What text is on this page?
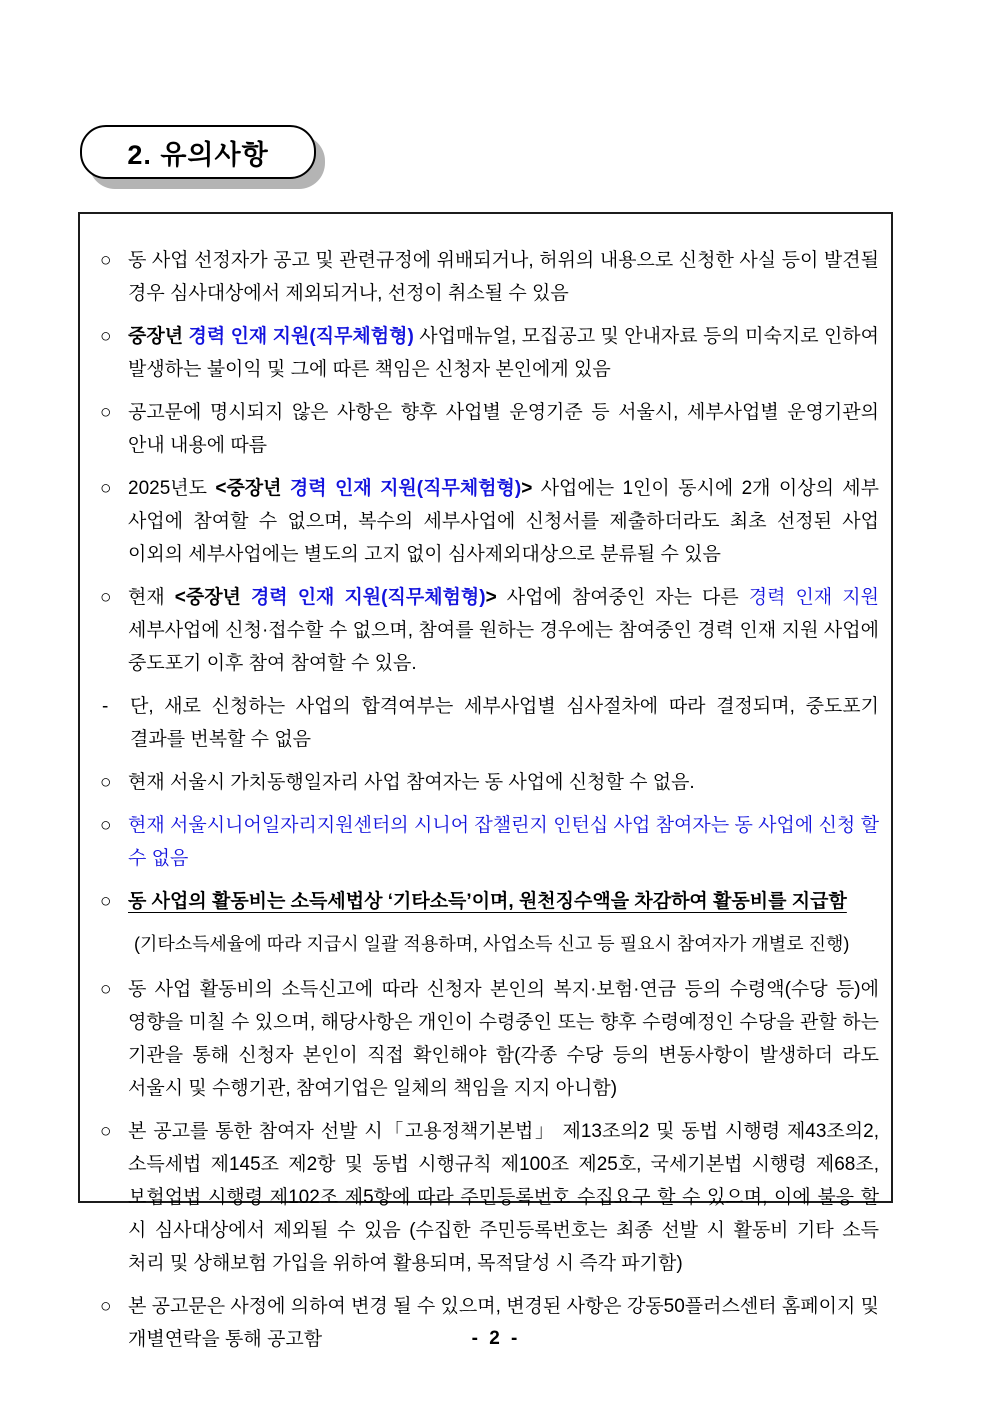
2. 유의사항
○ 동 사업 선정자가 공고 및 관련규정에 위배되거나, 허위의 내용으로 신청한 사실 등이 발견될 경우 심사대상에서 제외되거나, 선정이 취소될 수 있음
○ 중장년 경력 인재 지원(직무체험형) 사업매뉴얼, 모집공고 및 안내자료 등의 미숙지로 인하여 발생하는 불이익 및 그에 따른 책임은 신청자 본인에게 있음
○ 공고문에 명시되지 않은 사항은 향후 사업별 운영기준 등 서울시, 세부사업별 운영기관의 안내 내용에 따름
○ 2025년도 <중장년 경력 인재 지원(직무체험형)> 사업에는 1인이 동시에 2개 이상의 세부 사업에 참여할 수 없으며, 복수의 세부사업에 신청서를 제출하더라도 최초 선정된 사업 이외의 세부사업에는 별도의 고지 없이 심사제외대상으로 분류될 수 있음
○ 현재 <중장년 경력 인재 지원(직무체험형)> 사업에 참여중인 자는 다른 경력 인재 지원 세부사업에 신청·접수할 수 없으며, 참여를 원하는 경우에는 참여중인 경력 인재 지원 사업에 중도포기 이후 참여 참여할 수 있음.
-	단, 새로 신청하는 사업의 합격여부는 세부사업별 심사절차에 따라 결정되며, 중도포기 결과를 번복할 수 없음
○ 현재 서울시 가치동행일자리 사업 참여자는 동 사업에 신청할 수 없음.
○ 현재 서울시니어일자리지원센터의 시니어 잡챌린지 인턴십 사업 참여자는 동 사업에 신청 할 수 없음
○ 동 사업의 활동비는 소득세법상 ‘기타소득’이며, 원천징수액을 차감하여 활동비를 지급함
(기타소득세율에 따라 지급시 일괄 적용하며, 사업소득 신고 등 필요시 참여자가 개별로 진행)
○ 동 사업 활동비의 소득신고에 따라 신청자 본인의 복지·보험·연금 등의 수령액(수당 등)에 영향을 미칠 수 있으며, 해당사항은 개인이 수령중인 또는 향후 수령예정인 수당을 관할 하는 기관을 통해 신청자 본인이 직접 확인해야 함(각종 수당 등의 변동사항이 발생하더 라도 서울시 및 수행기관, 참여기업은 일체의 책임을 지지 아니함)
○ 본 공고를 통한 참여자 선발 시「고용정책기본법」 제13조의2 및 동법 시행령 제43조의2, 소득세법 제145조 제2항 및 동법 시행규칙 제100조 제25호, 국세기본법 시행령 제68조, 보험업법 시행령 제102조 제5항에 따라 주민등록번호 수집요구 할 수 있으며, 이에 불응 할 시 심사대상에서 제외될 수 있음 (수집한 주민등록번호는 최종 선발 시 활동비 기타 소득 처리 및 상해보험 가입을 위하여 활용되며, 목적달성 시 즉각 파기함)
○ 본 공고문은 사정에 의하여 변경 될 수 있으며, 변경된 사항은 강동50플러스센터 홈페이지 및 개별연락을 통해 공고함	- 2 -
